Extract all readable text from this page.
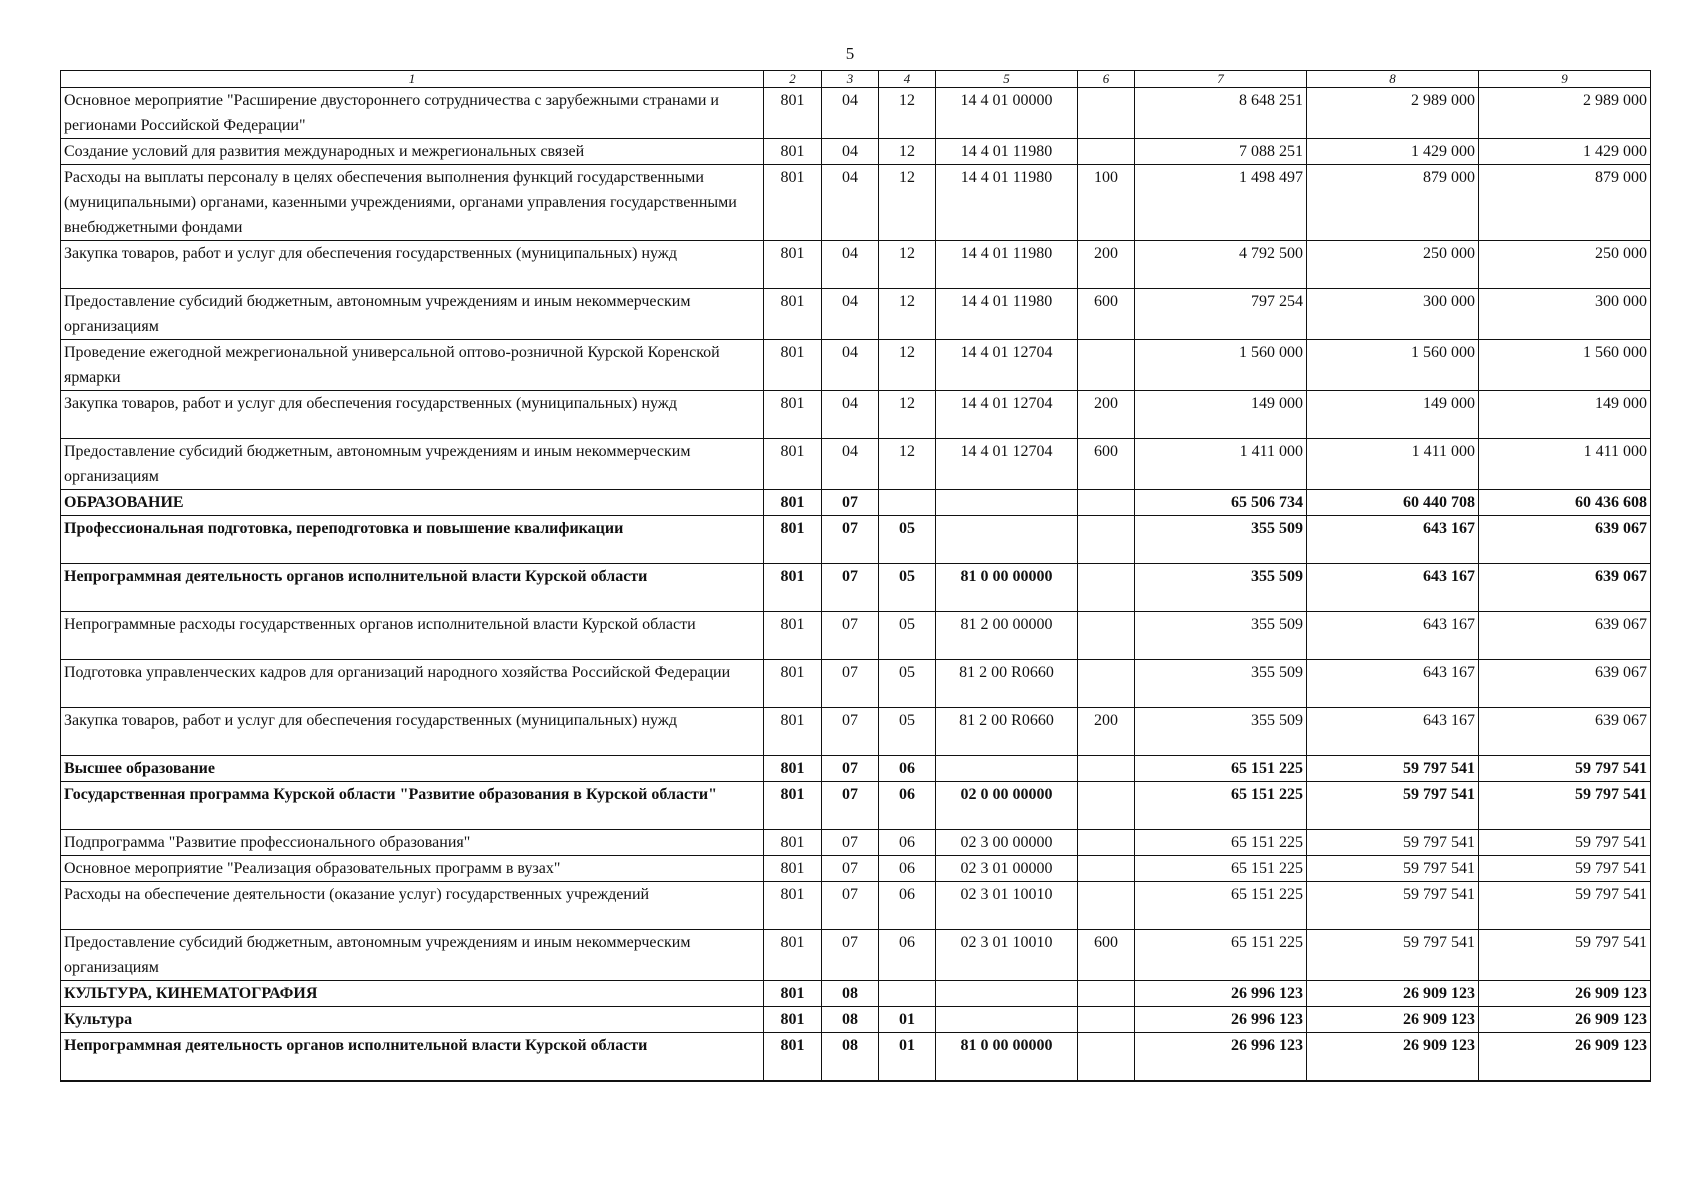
5
1	2	3	4	5	6	7	8	9
Основное мероприятие "Расширение двустороннего сотрудничества с зарубежными странами и регионами Российской Федерации"	801	04	12	14 4 01 00000		8 648 251	2 989 000	2 989 000
Создание условий для развития международных и межрегиональных связей	801	04	12	14 4 01 11980		7 088 251	1 429 000	1 429 000
Расходы на выплаты персоналу в целях обеспечения выполнения функций государственными (муниципальными) органами, казенными учреждениями, органами управления государственными внебюджетными фондами	801	04	12	14 4 01 11980	100	1 498 497	879 000	879 000
Закупка товаров, работ и услуг для обеспечения государственных (муниципальных) нужд	801	04	12	14 4 01 11980	200	4 792 500	250 000	250 000
Предоставление субсидий бюджетным, автономным учреждениям и иным некоммерческим организациям	801	04	12	14 4 01 11980	600	797 254	300 000	300 000
Проведение ежегодной межрегиональной универсальной оптово-розничной Курской Коренской ярмарки	801	04	12	14 4 01 12704		1 560 000	1 560 000	1 560 000
Закупка товаров, работ и услуг для обеспечения государственных (муниципальных) нужд	801	04	12	14 4 01 12704	200	149 000	149 000	149 000
Предоставление субсидий бюджетным, автономным учреждениям и иным некоммерческим организациям	801	04	12	14 4 01 12704	600	1 411 000	1 411 000	1 411 000
ОБРАЗОВАНИЕ	801	07				65 506 734	60 440 708	60 436 608
Профессиональная подготовка, переподготовка и повышение квалификации	801	07	05			355 509	643 167	639 067
Непрограммная деятельность органов исполнительной власти Курской области	801	07	05	81 0 00 00000		355 509	643 167	639 067
Непрограммные расходы государственных органов исполнительной власти Курской области	801	07	05	81 2 00 00000		355 509	643 167	639 067
Подготовка управленческих кадров для организаций народного хозяйства Российской Федерации	801	07	05	81 2 00 R0660		355 509	643 167	639 067
Закупка товаров, работ и услуг для обеспечения государственных (муниципальных) нужд	801	07	05	81 2 00 R0660	200	355 509	643 167	639 067
Высшее образование	801	07	06			65 151 225	59 797 541	59 797 541
Государственная программа Курской области "Развитие образования в Курской области"	801	07	06	02 0 00 00000		65 151 225	59 797 541	59 797 541
Подпрограмма "Развитие профессионального образования"	801	07	06	02 3 00 00000		65 151 225	59 797 541	59 797 541
Основное мероприятие "Реализация образовательных программ в вузах"	801	07	06	02 3 01 00000		65 151 225	59 797 541	59 797 541
Расходы на обеспечение деятельности (оказание услуг) государственных учреждений	801	07	06	02 3 01 10010		65 151 225	59 797 541	59 797 541
Предоставление субсидий бюджетным, автономным учреждениям и иным некоммерческим организациям	801	07	06	02 3 01 10010	600	65 151 225	59 797 541	59 797 541
КУЛЬТУРА, КИНЕМАТОГРАФИЯ	801	08				26 996 123	26 909 123	26 909 123
Культура	801	08	01			26 996 123	26 909 123	26 909 123
Непрограммная деятельность органов исполнительной власти Курской области	801	08	01	81 0 00 00000		26 996 123	26 909 123	26 909 123
